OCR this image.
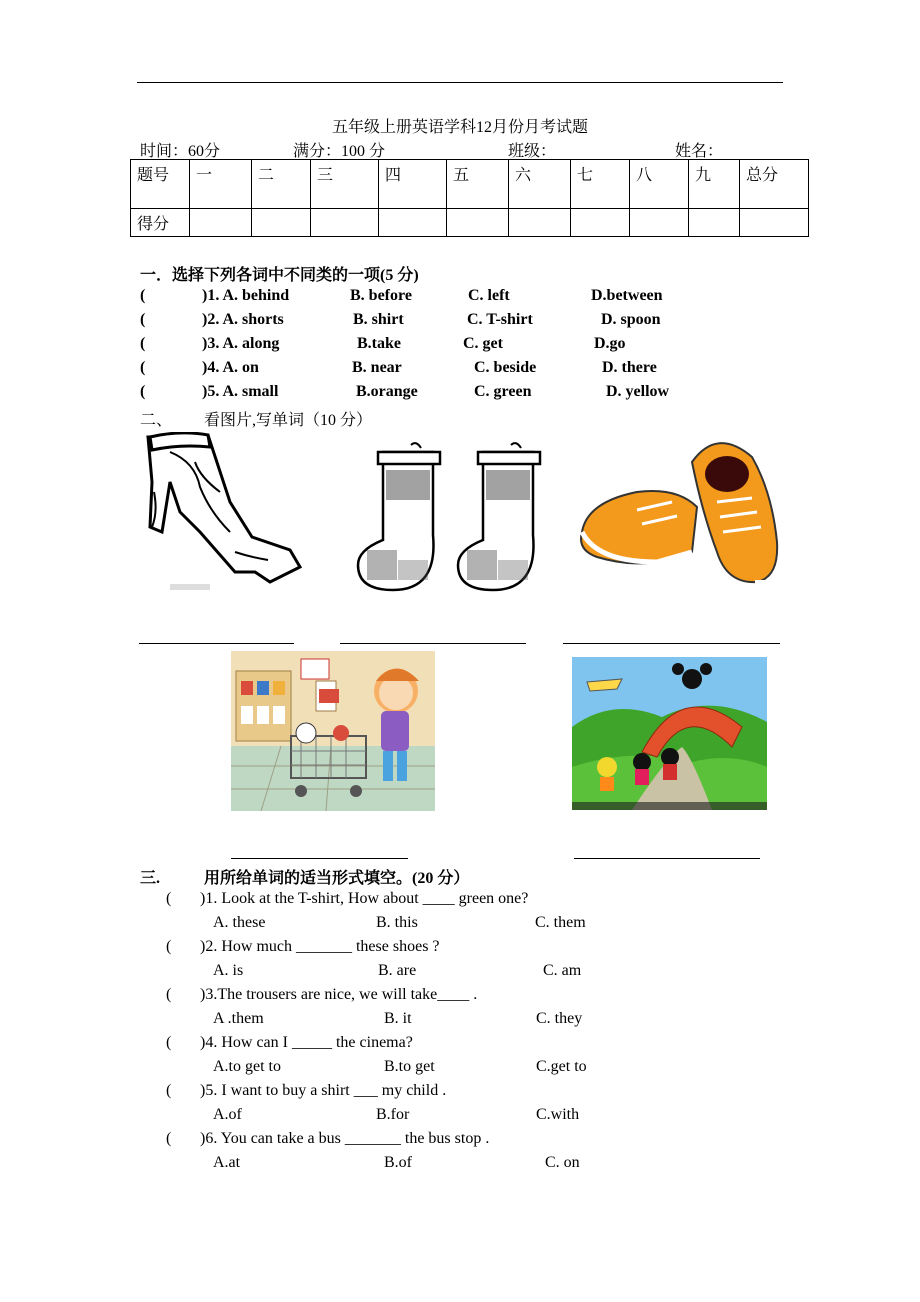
五年级上册英语学科12月份月考试题
时间：60分	满分：100 分	班级：	姓名：
题号	一	二	三	四	五	六	七	八	九	总分
得分										
一．选择下列各词中不同类的一项(5 分)
(	)1. A. behind	B. before	C. left	D.between
(	)2. A. shorts	B. shirt	C. T-shirt	D. spoon
(	)3. A. along	B.take	C. get	D.go
(	)4. A. on	B. near	C. beside	D. there
(	)5. A. small	B.orange	C. green	D. yellow
二、 看图片,写单词（10 分）
三.	用所给单词的适当形式填空。(20 分）
( )1. Look at the T-shirt, How about ____ green one?
A. these	B. this	C. them
( )2. How much _______ these shoes ?
A. is	B. are	C. am
( )3.The trousers are nice, we will take____ .
A .them	B. it	C. they
( )4. How can I _____ the cinema?
A.to get to	B.to get	C.get to
( )5. I want to buy a shirt ___ my child .
A.of	B.for	C.with
( )6. You can take a bus _______ the bus stop .
A.at	B.of	C. on
